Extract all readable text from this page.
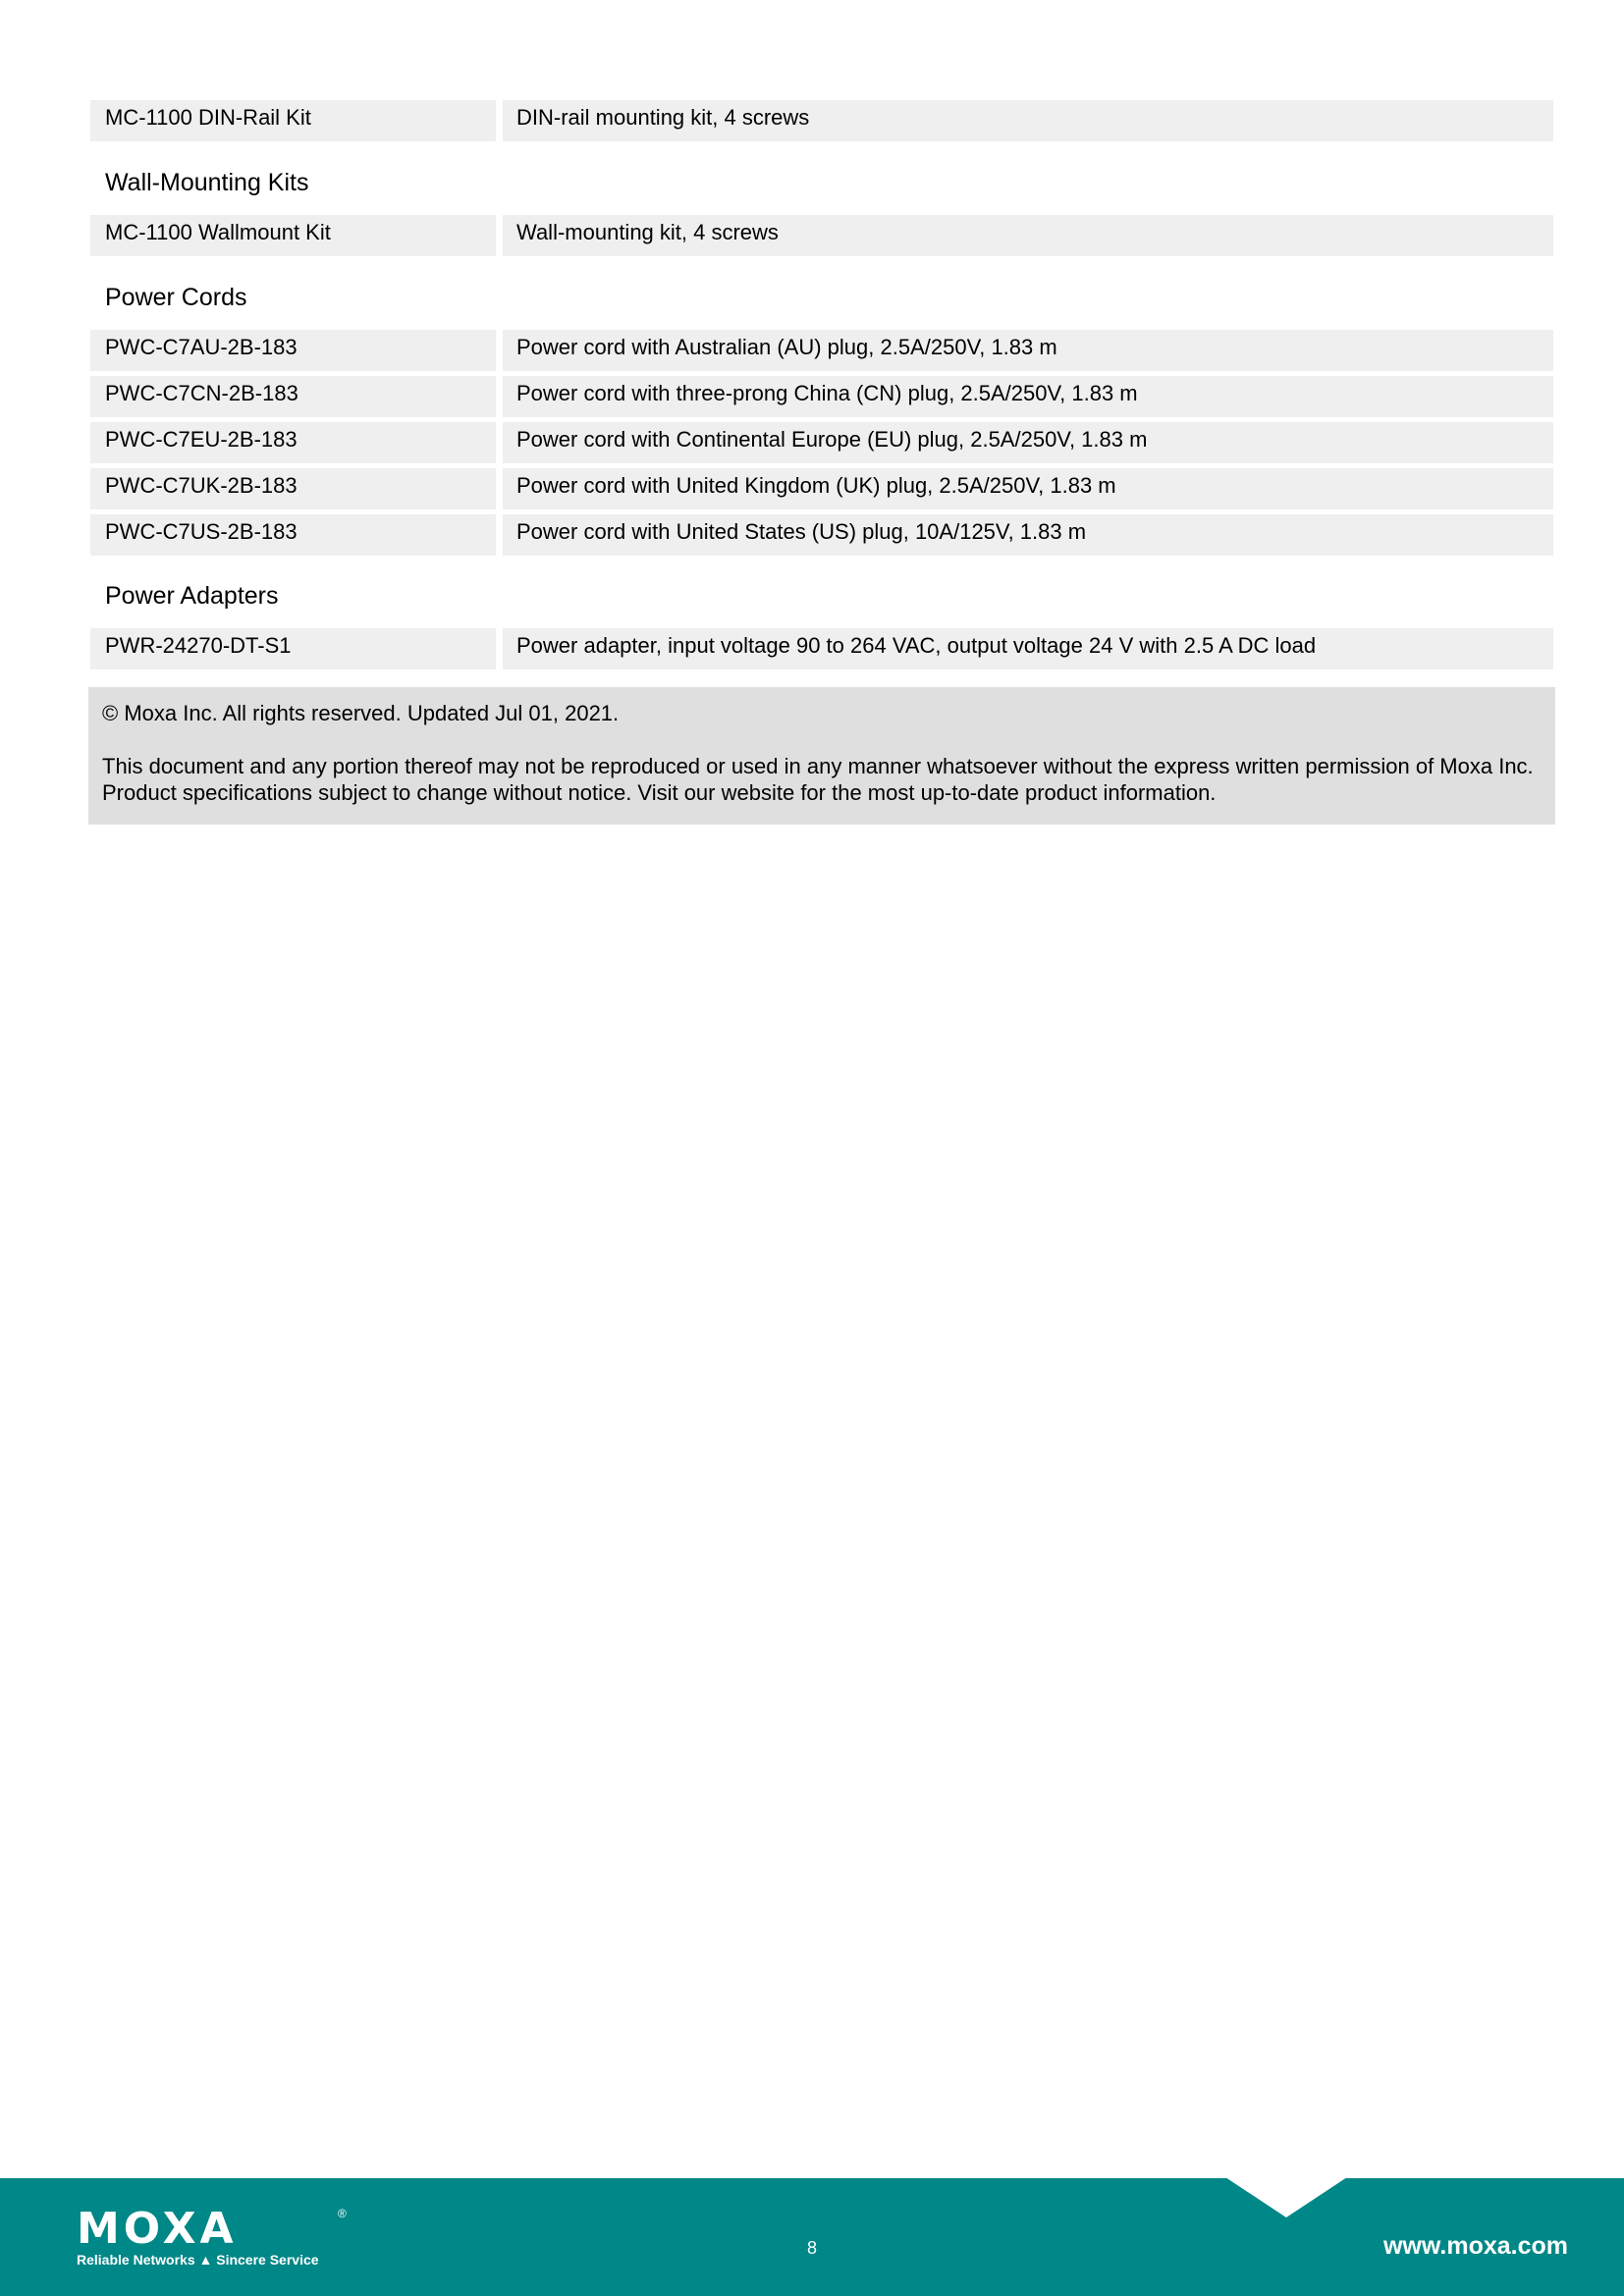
MC-1100 DIN-Rail Kit	DIN-rail mounting kit, 4 screws
Wall-Mounting Kits
MC-1100 Wallmount Kit	Wall-mounting kit, 4 screws
Power Cords
PWC-C7AU-2B-183	Power cord with Australian (AU) plug, 2.5A/250V, 1.83 m
PWC-C7CN-2B-183	Power cord with three-prong China (CN) plug, 2.5A/250V, 1.83 m
PWC-C7EU-2B-183	Power cord with Continental Europe (EU) plug, 2.5A/250V, 1.83 m
PWC-C7UK-2B-183	Power cord with United Kingdom (UK) plug, 2.5A/250V, 1.83 m
PWC-C7US-2B-183	Power cord with United States (US) plug, 10A/125V, 1.83 m
Power Adapters
PWR-24270-DT-S1	Power adapter, input voltage 90 to 264 VAC, output voltage 24 V with 2.5 A DC load

© Moxa Inc. All rights reserved. Updated Jul 01, 2021.

This document and any portion thereof may not be reproduced or used in any manner whatsoever without the express written permission of Moxa Inc. Product specifications subject to change without notice. Visit our website for the most up-to-date product information.

MOXA	®
Reliable Networks ▲ Sincere Service
8	www.moxa.com
